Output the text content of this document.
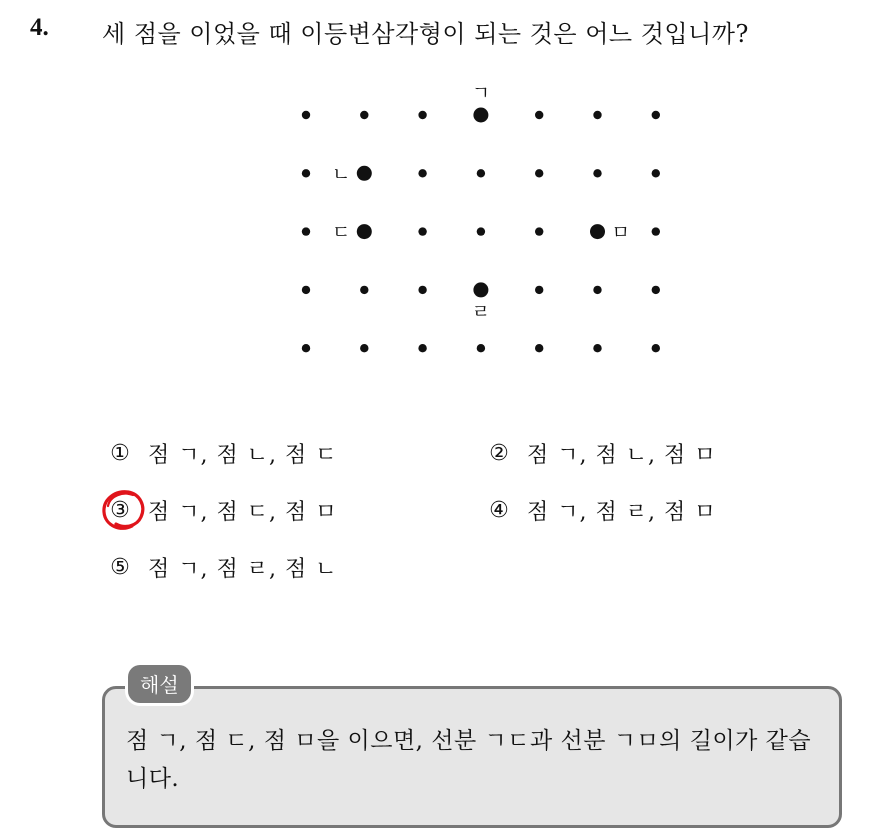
4. 세 점을 이었을 때 이등변삼각형이 되는 것은 어느 것입니까?
ㄱ
ㄴ
ㄷ	ㅁ
ㄹ
① 점 ㄱ, 점 ㄴ, 점 ㄷ	② 점 ㄱ, 점 ㄴ, 점 ㅁ
③ 점 ㄱ, 점 ㄷ, 점 ㅁ	④ 점 ㄱ, 점 ㄹ, 점 ㅁ
⑤ 점 ㄱ, 점 ㄹ, 점 ㄴ
해설
점 ㄱ, 점 ㄷ, 점 ㅁ을 이으면, 선분 ㄱㄷ과 선분 ㄱㅁ의 길이가 같습니다.
